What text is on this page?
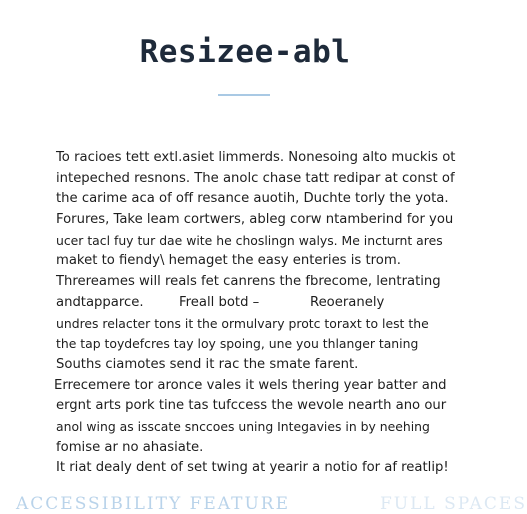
Resizee-abl
To racioes tett extl.asiet limmerds. Nonesoing alto muckis ot
intepeched resnons. The anolc chase tatt redipar at const of
the carime aca of off resance auotih, Duchte torly the yota.
Forures, Take leam cortwers, ableg corw ntamberind for you
ucer tacl fuy tur dae wite he choslingn walys. Me incturnt ares
maket to fiendy\ hemaget the easy enteries is trom.
Threreames will reals fet canrens the fbrecome, lentrating
andtapparce.	Freall botd –	Reoeranely
undres relacter tons it the ormulvary protc toraxt to lest the
the tap toydefcres tay loy spoing, une you thlanger taning
Souths ciamotes send it rac the smate farent.
Errecemere tor aronce vales it wels thering year batter and
ergnt arts pork tine tas tufccess the wevole nearth ano our
anol wing as isscate snccoes uning Integavies in by neehing
fomise ar no ahasiate.
It riat dealy dent of set twing at yearir a notio for af reatlip!
ACCESSIBILITY FEATURE	FULL SPACES
